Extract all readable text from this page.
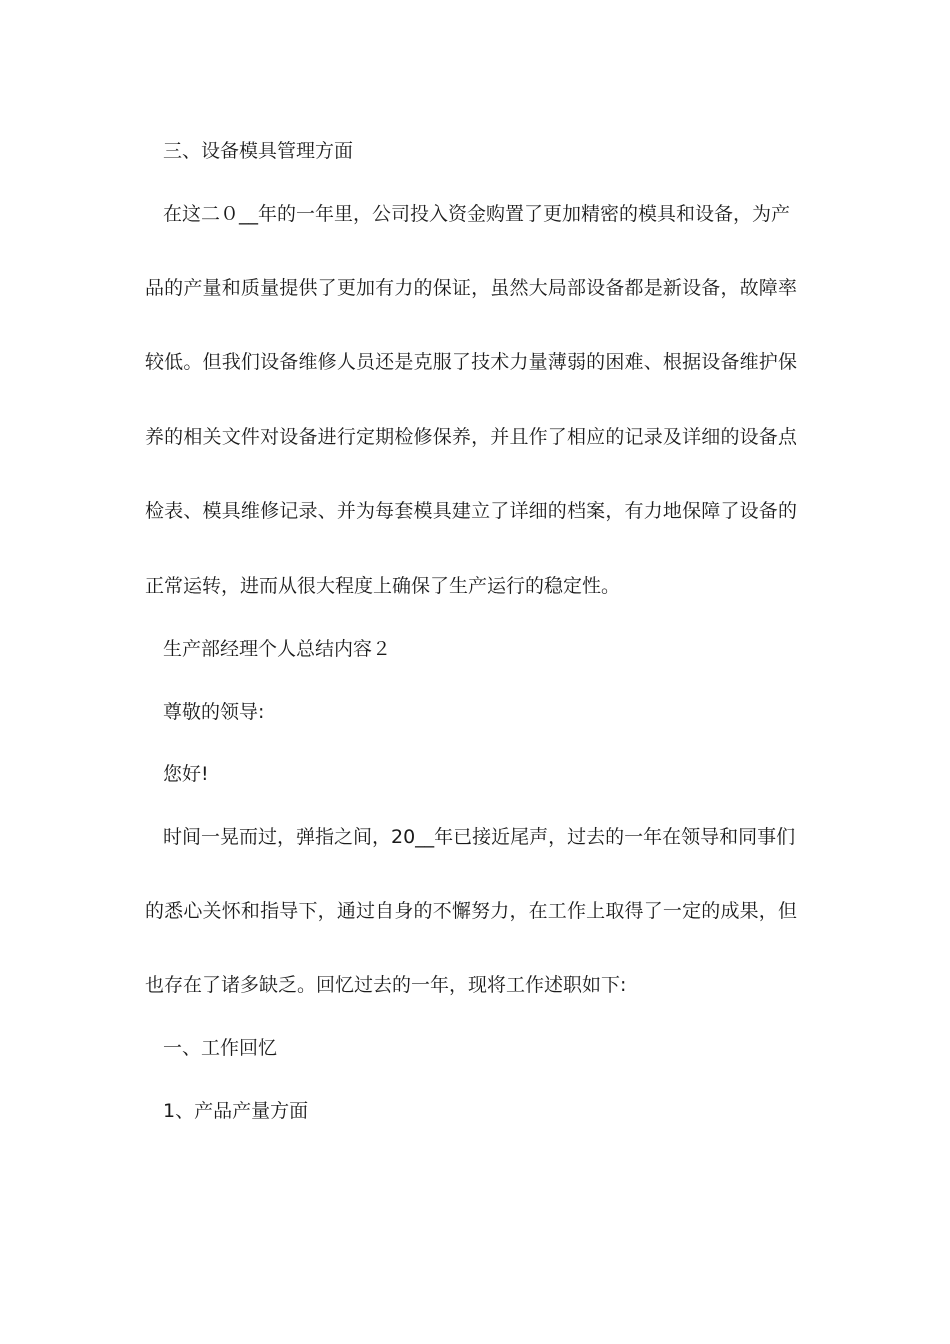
三、设备模具管理方面
在这二０__年的一年里，公司投入资金购置了更加精密的模具和设备，为产
品的产量和质量提供了更加有力的保证，虽然大局部设备都是新设备，故障率
较低。但我们设备维修人员还是克服了技术力量薄弱的困难、根据设备维护保
养的相关文件对设备进行定期检修保养，并且作了相应的记录及详细的设备点
检表、模具维修记录、并为每套模具建立了详细的档案，有力地保障了设备的
正常运转，进而从很大程度上确保了生产运行的稳定性。
生产部经理个人总结内容２
尊敬的领导:
您好!
时间一晃而过，弹指之间，20__年已接近尾声，过去的一年在领导和同事们
的悉心关怀和指导下，通过自身的不懈努力，在工作上取得了一定的成果，但
也存在了诸多缺乏。回忆过去的一年，现将工作述职如下:
一、工作回忆
1、产品产量方面
